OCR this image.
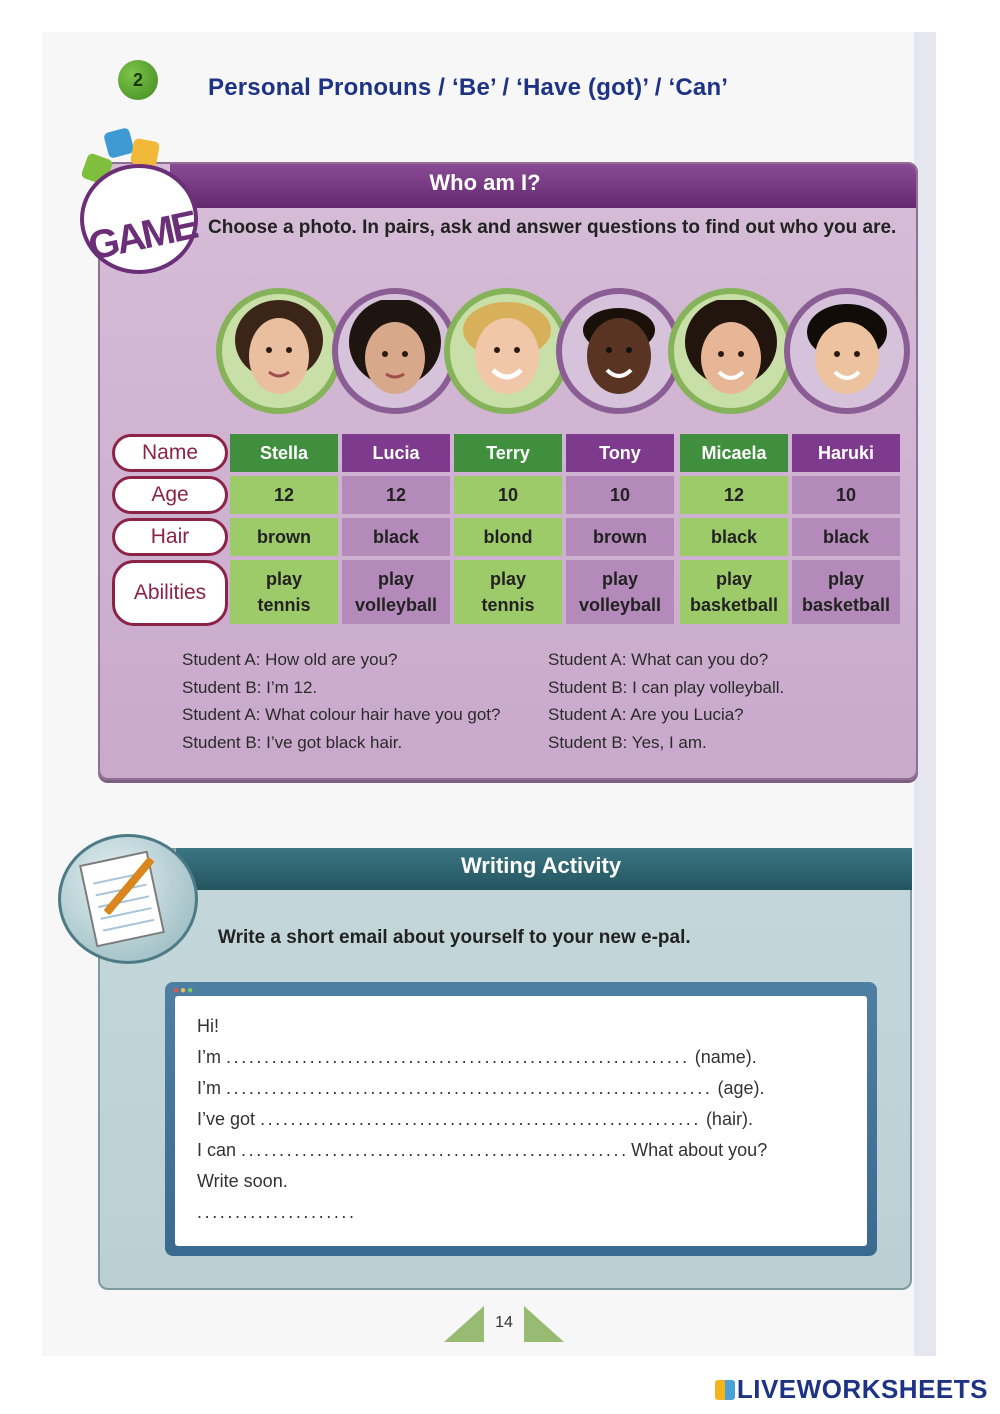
2	Personal Pronouns / ‘Be’ / ‘Have (got)’ / ‘Can’
Who am I?
GAME Choose a photo. In pairs, ask and answer questions to find out who you are.
Name
Age
Hair
Abilities
Stella
12
brown
play
tennis
Lucia
12
black
play
volleyball
Terry
10
blond
play
tennis
Tony
10
brown
play
volleyball
Micaela
12
black
play
basketball
Haruki
10
black
play
basketball
Student A: How old are you?
Student B: I’m 12.
Student A: What colour hair have you got?
Student B: I’ve got black hair.
Student A: What can you do?
Student B: I can play volleyball.
Student A: Are you Lucia?
Student B: Yes, I am.
Writing Activity
Write a short email about yourself to your new e-pal.
●●●
Hi!
I’m ............................................................. (name).
I’m ................................................................ (age).
I’ve got .......................................................... (hair).
I can ................................................... What about you?
Write soon.
.....................
14
LIVEWORKSHEETS
